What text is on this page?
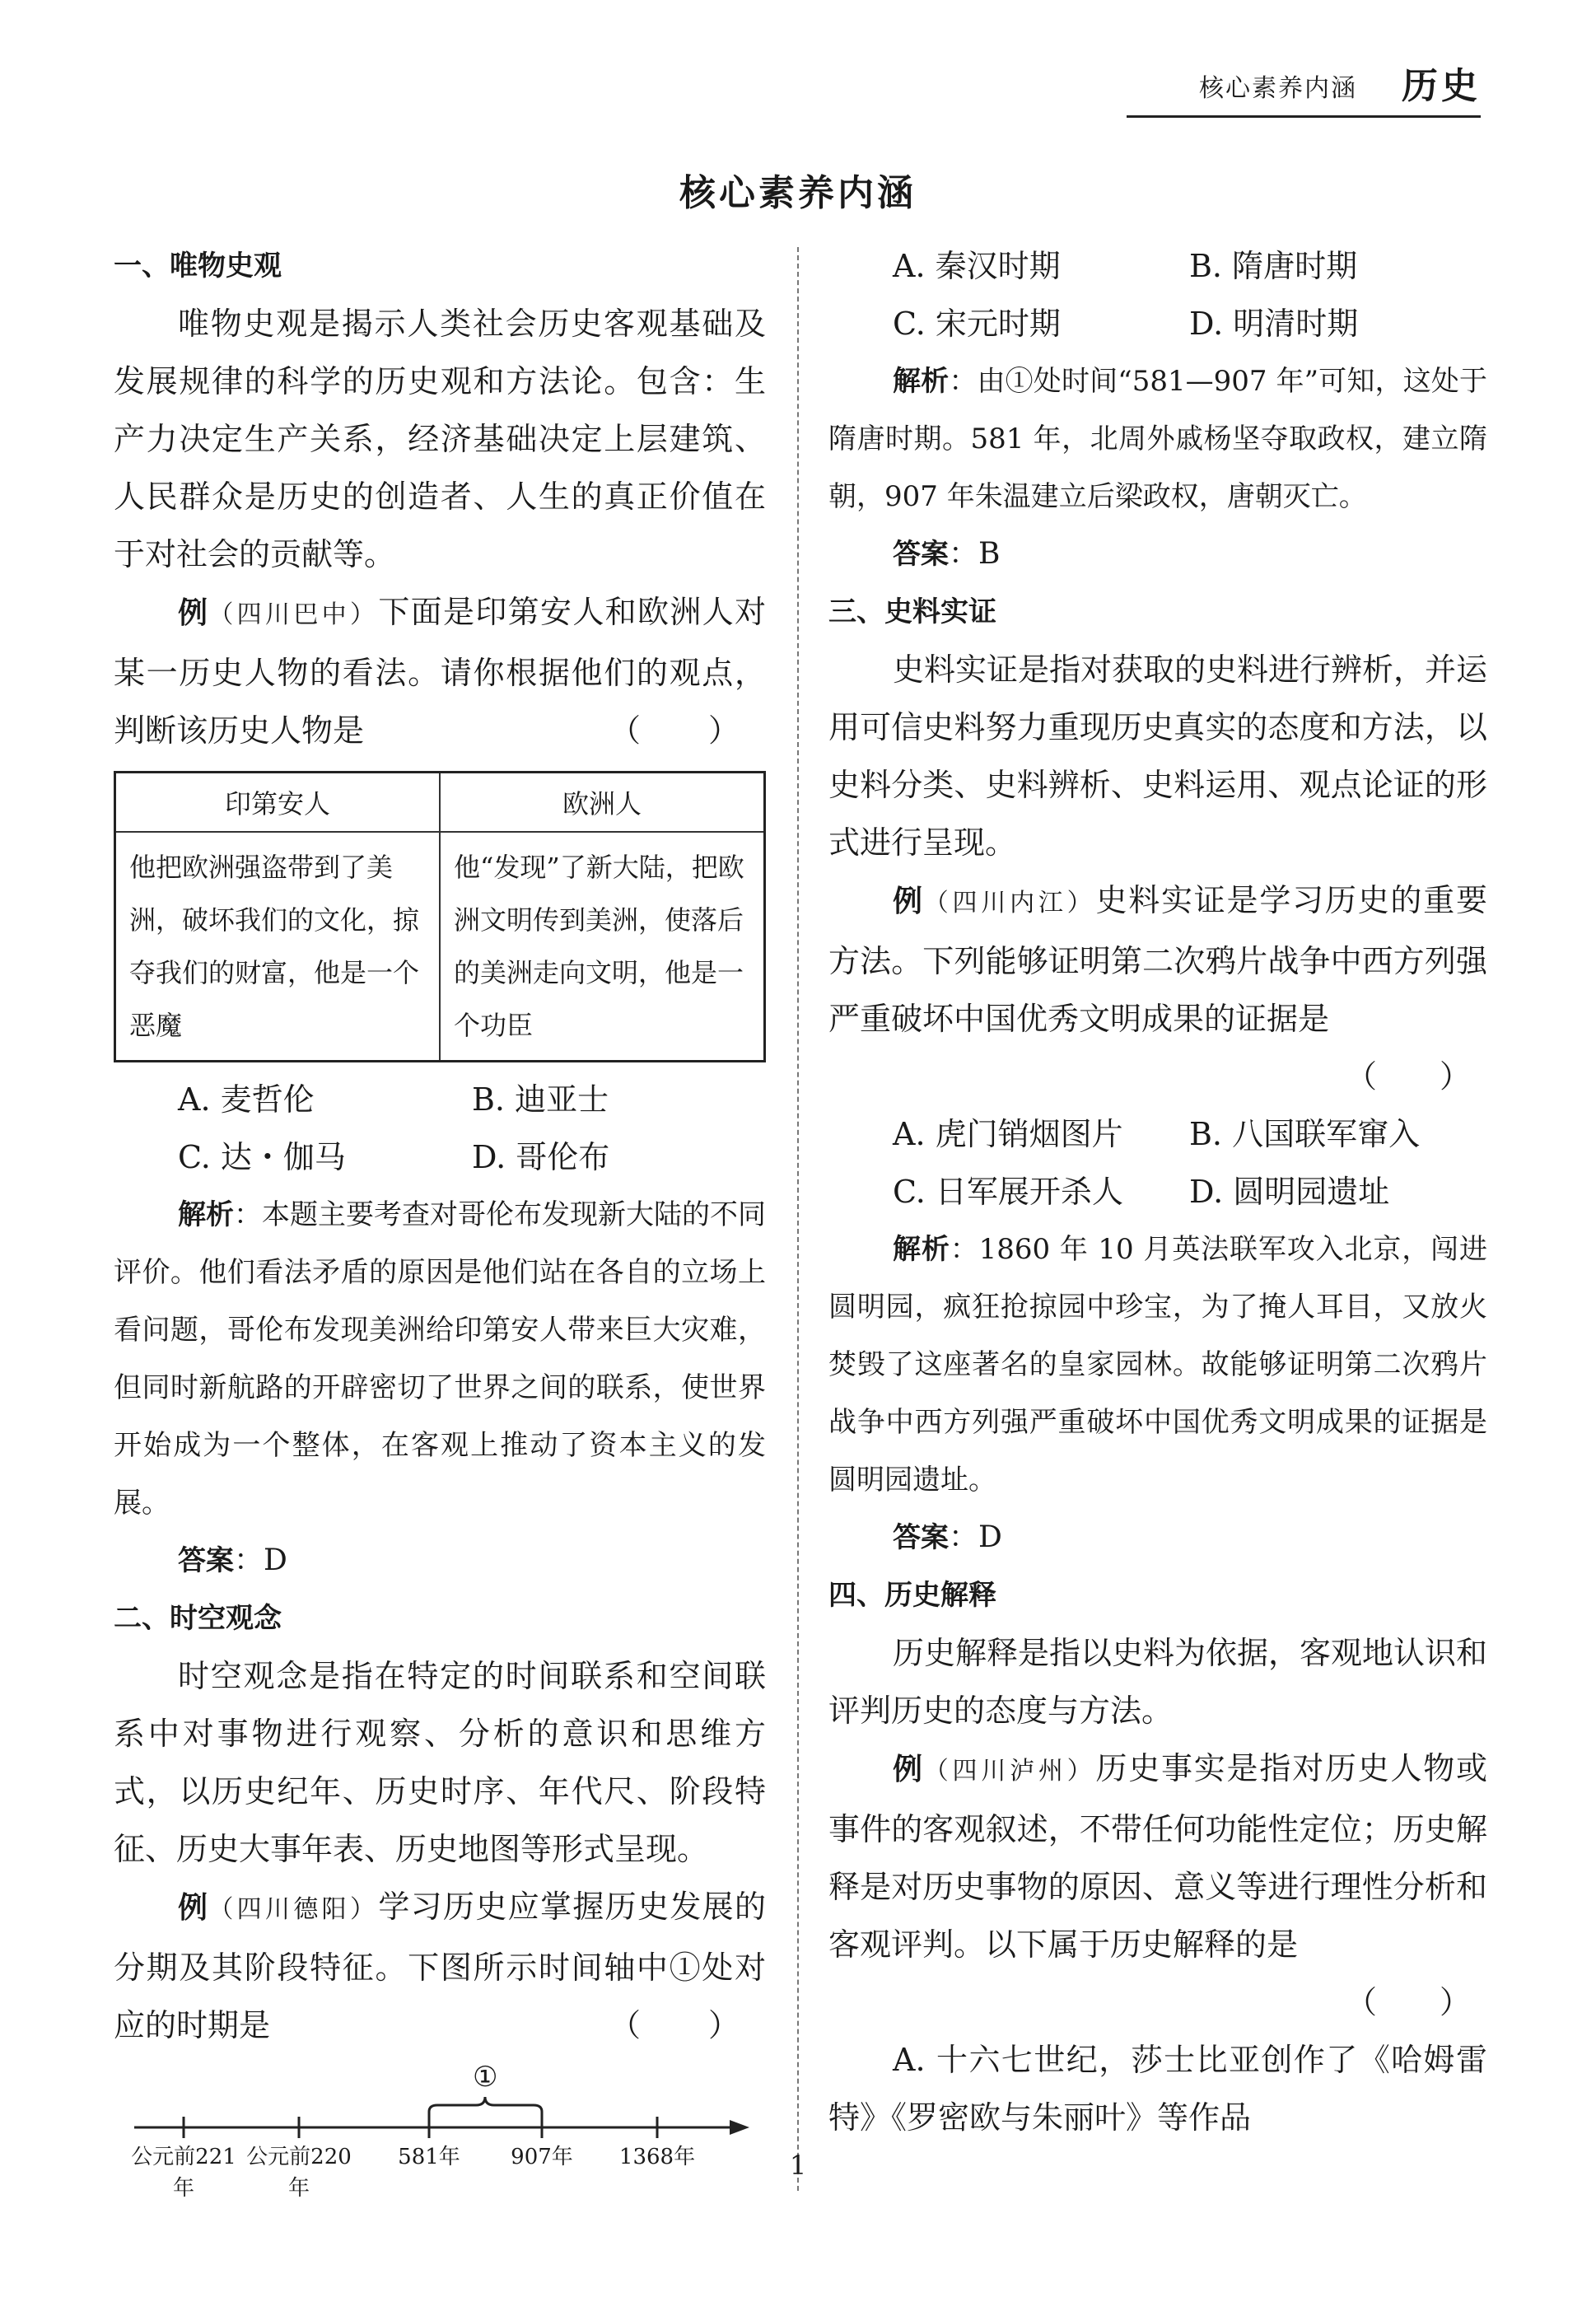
核心素养内涵 历史
核心素养内涵
一、唯物史观
唯物史观是揭示人类社会历史客观基础及发展规律的科学的历史观和方法论。包含：生产力决定生产关系，经济基础决定上层建筑、人民群众是历史的创造者、人生的真正价值在于对社会的贡献等。
例（四川巴中）下面是印第安人和欧洲人对某一历史人物的看法。请你根据他们的观点，判断该历史人物是	（　　）
印第安人	欧洲人
他把欧洲强盗带到了美洲，破坏我们的文化，掠夺我们的财富，他是一个恶魔	他“发现”了新大陆，把欧洲文明传到美洲，使落后的美洲走向文明，他是一个功臣
A. 麦哲伦	B. 迪亚士
C. 达・伽马	D. 哥伦布
解析：本题主要考查对哥伦布发现新大陆的不同评价。他们看法矛盾的原因是他们站在各自的立场上看问题，哥伦布发现美洲给印第安人带来巨大灾难，但同时新航路的开辟密切了世界之间的联系，使世界开始成为一个整体，在客观上推动了资本主义的发展。
答案：D
二、时空观念
时空观念是指在特定的时间联系和空间联系中对事物进行观察、分析的意识和思维方式，以历史纪年、历史时序、年代尺、阶段特征、历史大事年表、历史地图等形式呈现。
例（四川德阳）学习历史应掌握历史发展的分期及其阶段特征。下图所示时间轴中①处对应的时期是	（　　）
①
公元前221年
公元前220年
581年	907年	1368年
A. 秦汉时期	B. 隋唐时期
C. 宋元时期	D. 明清时期
解析：由①处时间“581—907 年”可知，这处于隋唐时期。581 年，北周外戚杨坚夺取政权，建立隋朝，907 年朱温建立后梁政权，唐朝灭亡。
答案：B
三、史料实证
史料实证是指对获取的史料进行辨析，并运用可信史料努力重现历史真实的态度和方法，以史料分类、史料辨析、史料运用、观点论证的形式进行呈现。
例（四川内江）史料实证是学习历史的重要方法。下列能够证明第二次鸦片战争中西方列强严重破坏中国优秀文明成果的证据是
（　　）
A. 虎门销烟图片	B. 八国联军窜入
C. 日军展开杀人	D. 圆明园遗址
解析：1860 年 10 月英法联军攻入北京，闯进圆明园，疯狂抢掠园中珍宝，为了掩人耳目，又放火焚毁了这座著名的皇家园林。故能够证明第二次鸦片战争中西方列强严重破坏中国优秀文明成果的证据是圆明园遗址。
答案：D
四、历史解释
历史解释是指以史料为依据，客观地认识和评判历史的态度与方法。
例（四川泸州）历史事实是指对历史人物或事件的客观叙述，不带任何功能性定位；历史解释是对历史事物的原因、意义等进行理性分析和客观评判。以下属于历史解释的是
（　　）
A. 十六七世纪，莎士比亚创作了《哈姆雷特》《罗密欧与朱丽叶》等作品
1
